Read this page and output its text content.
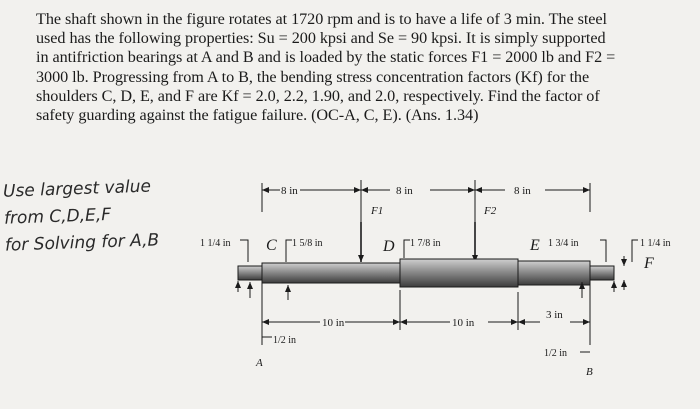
The shaft shown in the figure rotates at 1720 rpm and is to have a life of 3 min. The steel
used has the following properties: Su = 200 kpsi and Se = 90 kpsi. It is simply supported
in antifriction bearings at A and B and is loaded by the static forces F1 = 2000 lb and F2 =
3000 lb. Progressing from A to B, the bending stress concentration factors (Kf) for the
shoulders C, D, E, and F are Kf = 2.0, 2.2, 1.90, and 2.0, respectively. Find the factor of
safety guarding against the fatigue failure. (OC-A, C, E). (Ans. 1.34)
Use largest value
from C,D,E,F
for Solving for A,B
8 in	8 in	8 in
F1	F2
10 in	10 in
3 in
1/2 in
1/2 in
1 1/4 in	1 5/8 in	1 7/8 in	1 3/4 in	1 1/4 in
C	D	E
F
A
B
